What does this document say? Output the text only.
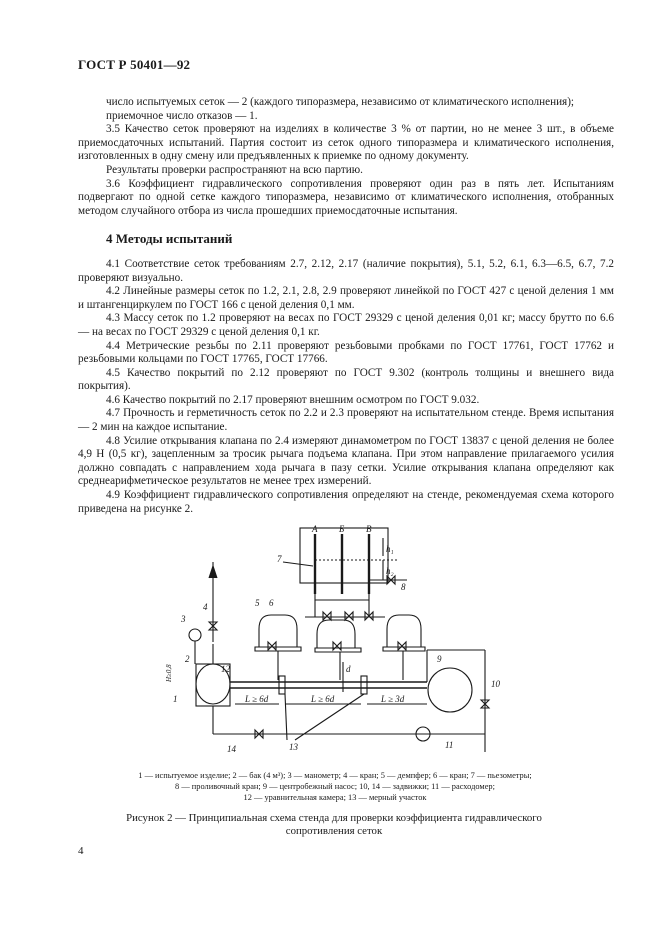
ГОСТ Р 50401—92

число испытуемых сеток — 2 (каждого типоразмера, независимо от климатического исполнения);

приемочное число отказов — 1.

3.5 Качество сеток проверяют на изделиях в количестве 3 % от партии, но не менее 3 шт., в объеме приемосдаточных испытаний. Партия состоит из сеток одного типоразмера и климатического исполнения, изготовленных в одну смену или предъявленных к приемке по одному документу.

Результаты проверки распространяют на всю партию.

3.6 Коэффициент гидравлического сопротивления проверяют один раз в пять лет. Испытаниям подвергают по одной сетке каждого типоразмера, независимо от климатического исполнения, отобранных методом случайного отбора из числа прошедших приемосдаточные испытания.

4 Методы испытаний

4.1 Соответствие сеток требованиям 2.7, 2.12, 2.17 (наличие покрытия), 5.1, 5.2, 6.1, 6.3—6.5, 6.7, 7.2 проверяют визуально.

4.2 Линейные размеры сеток по 1.2, 2.1, 2.8, 2.9 проверяют линейкой по ГОСТ 427 с ценой деления 1 мм и штангенциркулем по ГОСТ 166 с ценой деления 0,1 мм.

4.3 Массу сеток по 1.2 проверяют на весах по ГОСТ 29329 с ценой деления 0,01 кг; массу брутто по 6.6 — на весах по ГОСТ 29329 с ценой деления 0,1 кг.

4.4 Метрические резьбы по 2.11 проверяют резьбовыми пробками по ГОСТ 17761, ГОСТ 17762 и резьбовыми кольцами по ГОСТ 17765, ГОСТ 17766.

4.5 Качество покрытий по 2.12 проверяют по ГОСТ 9.302 (контроль толщины и внешнего вида покрытия).

4.6 Качество покрытий по 2.17 проверяют внешним осмотром по ГОСТ 9.032.

4.7 Прочность и герметичность сеток по 2.2 и 2.3 проверяют на испытательном стенде. Время испытания — 2 мин на каждое испытание.

4.8 Усилие открывания клапана по 2.4 измеряют динамометром по ГОСТ 13837 с ценой деления не более 4,9 Н (0,5 кг), зацепленным за тросик рычага подъема клапана. При этом направление прилагаемого усилия должно совпадать с направлением хода рычага в пазу сетки. Усилие открывания клапана определяют как среднеарифметическое результатов не менее трех измерений.

4.9 Коэффициент гидравлического сопротивления определяют на стенде, рекомендуемая схема которого приведена на рисунке 2.

А Б В
h₁
h₂
7
8
5 6
4
3
2
1
12	d
L ≥ 6d	L ≥ 6d	L ≥ 3d
9
10
11
13
14
H≥0,8
1 — испытуемое изделие; 2 — бак (4 м³); 3 — манометр; 4 — кран; 5 — демпфер; 6 — кран; 7 — пьезометры;
8 — проливочный кран; 9 — центробежный насос; 10, 14 — задвижки; 11 — расходомер;
12 — уравнительная камера; 13 — мерный участок
Рисунок 2 — Принципиальная схема стенда для проверки коэффициента гидравлического сопротивления сеток
4
